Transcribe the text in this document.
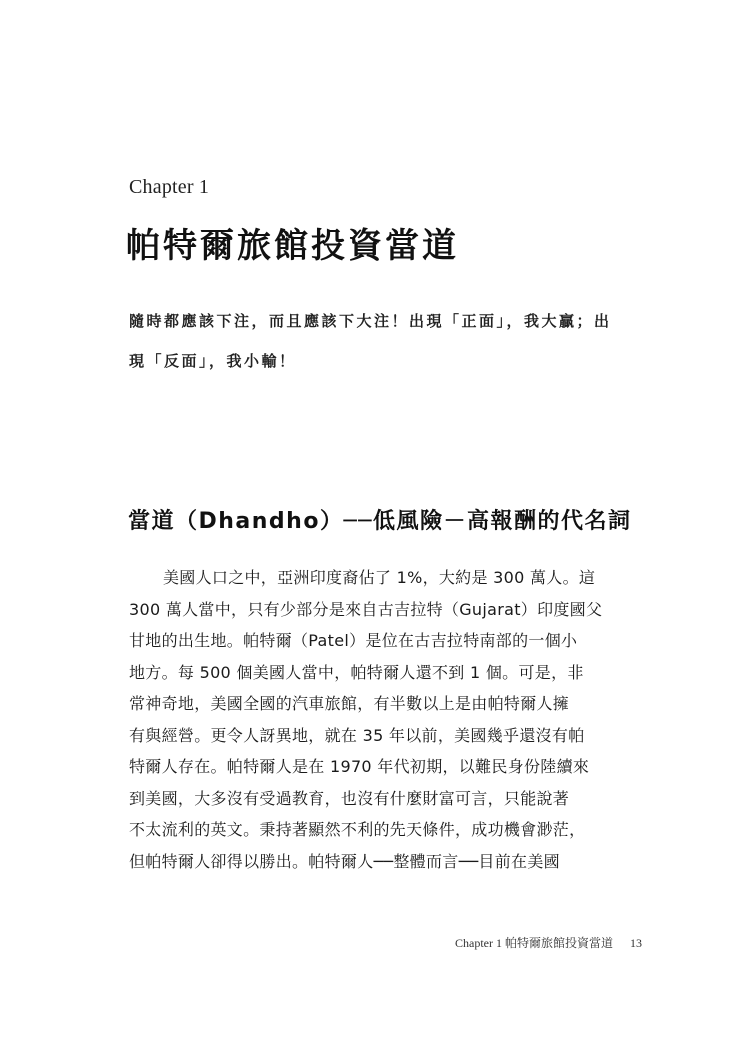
Chapter 1
帕特爾旅館投資當道
隨時都應該下注，而且應該下大注！出現「正面」，我大贏；出
現「反面」，我小輸！
當道（Dhandho）──低風險－高報酬的代名詞
美國人口之中，亞洲印度裔佔了 1%，大約是 300 萬人。這
300 萬人當中，只有少部分是來自古吉拉特（Gujarat）印度國父
甘地的出生地。帕特爾（Patel）是位在古吉拉特南部的一個小
地方。每 500 個美國人當中，帕特爾人還不到 1 個。可是，非
常神奇地，美國全國的汽車旅館，有半數以上是由帕特爾人擁
有與經營。更令人訝異地，就在 35 年以前，美國幾乎還沒有帕
特爾人存在。帕特爾人是在 1970 年代初期，以難民身份陸續來
到美國，大多沒有受過教育，也沒有什麼財富可言，只能說著
不太流利的英文。秉持著顯然不利的先天條件，成功機會渺茫，
但帕特爾人卻得以勝出。帕特爾人──整體而言──目前在美國
Chapter 1 帕特爾旅館投資當道 13
